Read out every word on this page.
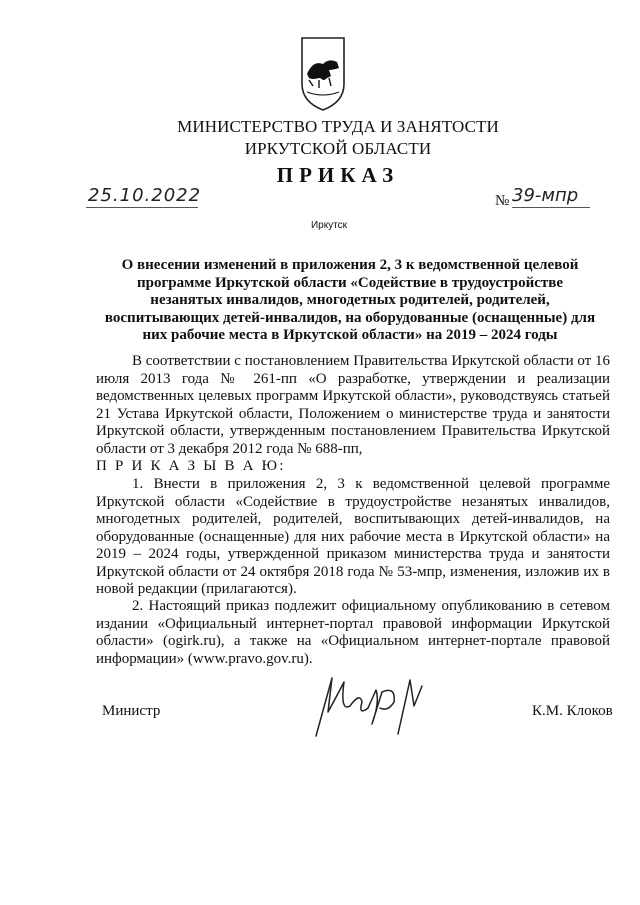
МИНИСТЕРСТВО ТРУДА И ЗАНЯТОСТИ
ИРКУТСКОЙ ОБЛАСТИ
ПРИКАЗ
25.10.2022	№ 39-мпр
Иркутск
О внесении изменений в приложения 2, 3 к ведомственной целевой программе Иркутской области «Содействие в трудоустройстве незанятых инвалидов, многодетных родителей, родителей, воспитывающих детей-инвалидов, на оборудованные (оснащенные) для них рабочие места в Иркутской области» на 2019 – 2024 годы

В соответствии с постановлением Правительства Иркутской области от 16 июля 2013 года № 261-пп «О разработке, утверждении и реализации ведомственных целевых программ Иркутской области», руководствуясь статьей 21 Устава Иркутской области, Положением о министерстве труда и занятости Иркутской области, утвержденным постановлением Правительства Иркутской области от 3 декабря 2012 года № 688-пп,

П Р И К А З Ы В А Ю:

1. Внести в приложения 2, 3 к ведомственной целевой программе Иркутской области «Содействие в трудоустройстве незанятых инвалидов, многодетных родителей, родителей, воспитывающих детей-инвалидов, на оборудованные (оснащенные) для них рабочие места в Иркутской области» на 2019 – 2024 годы, утвержденной приказом министерства труда и занятости Иркутской области от 24 октября 2018 года № 53-мпр, изменения, изложив их в новой редакции (прилагаются).

2. Настоящий приказ подлежит официальному опубликованию в сетевом издании «Официальный интернет-портал правовой информации Иркутской области» (ogirk.ru), а также на «Официальном интернет-портале правовой информации» (www.pravo.gov.ru).

Министр	К.М. Клоков
